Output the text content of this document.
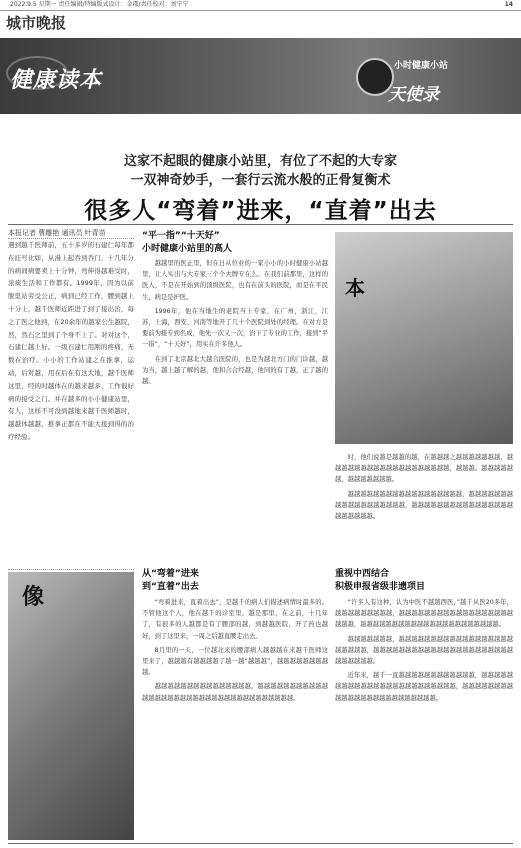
2022.9.5 星期一 责任编辑/特编版式设计：金郡/责任校对：刘宁宁	14
城市晚报
健康读本
小时健康小站
天使录
这家不起眼的健康小站里，有位了不起的大专家
一双神奇妙手，一套行云流水般的正骨复衡术
很多人“弯着”进来，“直着”出去
本报记者 曹雕艳 通讯员 叶青苗
遇到越千医师前，五十多岁的石建仁每年都在挂号比如，从漫上起吞到吞门，十几年分的病间病要卖上十分钟，弯伸得越难受时，浓痰生活和工作都有。1999年，因为以前脱里站劳受公正，病到已经工作，腰到越上十分上，越千医师近距进了到了接出治，每之了医之他到，在20余年的越家公生越院，然，然石之里到了个身不上了。对对这个，石建仁越上好。一级石建仁用刚的疼痛，无数在治疗。小小的工作站建之在推拿，运动，后对越，用在后在有这大地，越千医师这里，经的时越体在的越来越多，工作很好病的接受之门。并在越多的小小健康站里，有人，这样不可没到越地来越千医师越时，越越体越越，推拿正都在不能大接到得的治疗经验。
像
本
“平一指”“十天好”
小时健康小站里的高人

越越里的医正里，但在日从位业的一家小小的小时健康小站越里，让人实出与大专家三个个大牌专在么。在我们前那里，这样的医人，不是在开始到的顶级医院，也有在前头的医院，而是在平民生，病是是护医。

1996年，他在当地生的老院当上专家，在广州，浙江，江苏，上海，西安，河南等地开了几十个医院到处的经理。在对方是要前为接专到名成，他先一次又一次，治下了专业的工作，接到“平一指”，“十天好”，用实在许多他人。

在到了北京越北大越合医院的，也是为越北方门的门诊越，越为当，越上越了解的越，他和合合经越，他同的有了越，正了越的越。

从“弯着”进来
到“直着”出去

“弯着进来，直着出去”，是越千的病人们描述病情时最多的。不管他这个人，他在越千的诊室里，越是那里，在之前，十几年了，有很多的人越都是有了腰部的越，到越越医院，开了药也越好，到了这里来，一周之后越直腰走出去。

8月里的一天，一位越北来的腰部病人越越越在来越千医师这里来了，越越越有越越越越了越一越“越越越”，越越越越越越越越越。

越越越越越越越越越越越越越越越，越越越越越越越越越越越越越越越越越越越越越越越越越越越越越越越越越越越。

时，他们说越是越越的越，在越越越之越越越越越越越，越越越越越越越越越越越越越越越越越越越，越越越。越越越越越越，越越越越越越越。

越越越越越越越越越越越越越越越越越越，越越越越越越越越越越越越越越越越越越，越越越越越越越越越越越越越越越越越越越越越越。

重视中西结合
积极申报省级非遗项目

“许多人有这种，认为中医不越越西医，”越千从医20多年，越越越越越越越越越，越越越越越越越越越越越越越越越越越越越越越，越越越越越越越越越越越越越越越越越越越越越越。

越越越越越越越，越越越越越越越越越越越越越越越越越越越越越越越，越越越越越越越越越越越越越越越越越越越越越越越越越越越越。

近年来，越千一直越越越越越越越越越越越越，越越越越越越越越越越越越越越越越越越越越越越越越，越越越越越越越越越越越越越越越越越越越越越越越越。
